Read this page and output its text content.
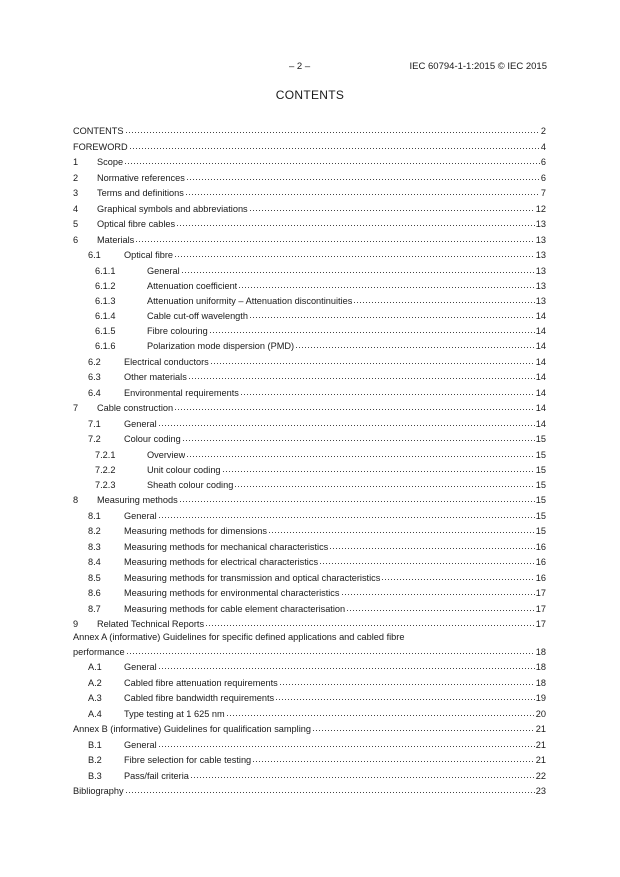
– 2 –	IEC 60794-1-1:2015 © IEC 2015
CONTENTS
CONTENTS	2
FOREWORD	4
1	Scope	6
2	Normative references	6
3	Terms and definitions	7
4	Graphical symbols and abbreviations	12
5	Optical fibre cables	13
6	Materials	13
6.1	Optical fibre	13
6.1.1	General	13
6.1.2	Attenuation coefficient	13
6.1.3	Attenuation uniformity – Attenuation discontinuities	13
6.1.4	Cable cut-off wavelength	14
6.1.5	Fibre colouring	14
6.1.6	Polarization mode dispersion (PMD)	14
6.2	Electrical conductors	14
6.3	Other materials	14
6.4	Environmental requirements	14
7	Cable construction	14
7.1	General	14
7.2	Colour coding	15
7.2.1	Overview	15
7.2.2	Unit colour coding	15
7.2.3	Sheath colour coding	15
8	Measuring methods	15
8.1	General	15
8.2	Measuring methods for dimensions	15
8.3	Measuring methods for mechanical characteristics	16
8.4	Measuring methods for electrical characteristics	16
8.5	Measuring methods for transmission and optical characteristics	16
8.6	Measuring methods for environmental characteristics	17
8.7	Measuring methods for cable element characterisation	17
9	Related Technical Reports	17
Annex A (informative) Guidelines for specific defined applications and cabled fibre
performance	18
A.1	General	18
A.2	Cabled fibre attenuation requirements	18
A.3	Cabled fibre bandwidth requirements	19
A.4	Type testing at 1 625 nm	20
Annex B (informative) Guidelines for qualification sampling	21
B.1	General	21
B.2	Fibre selection for cable testing	21
B.3	Pass/fail criteria	22
Bibliography	23
